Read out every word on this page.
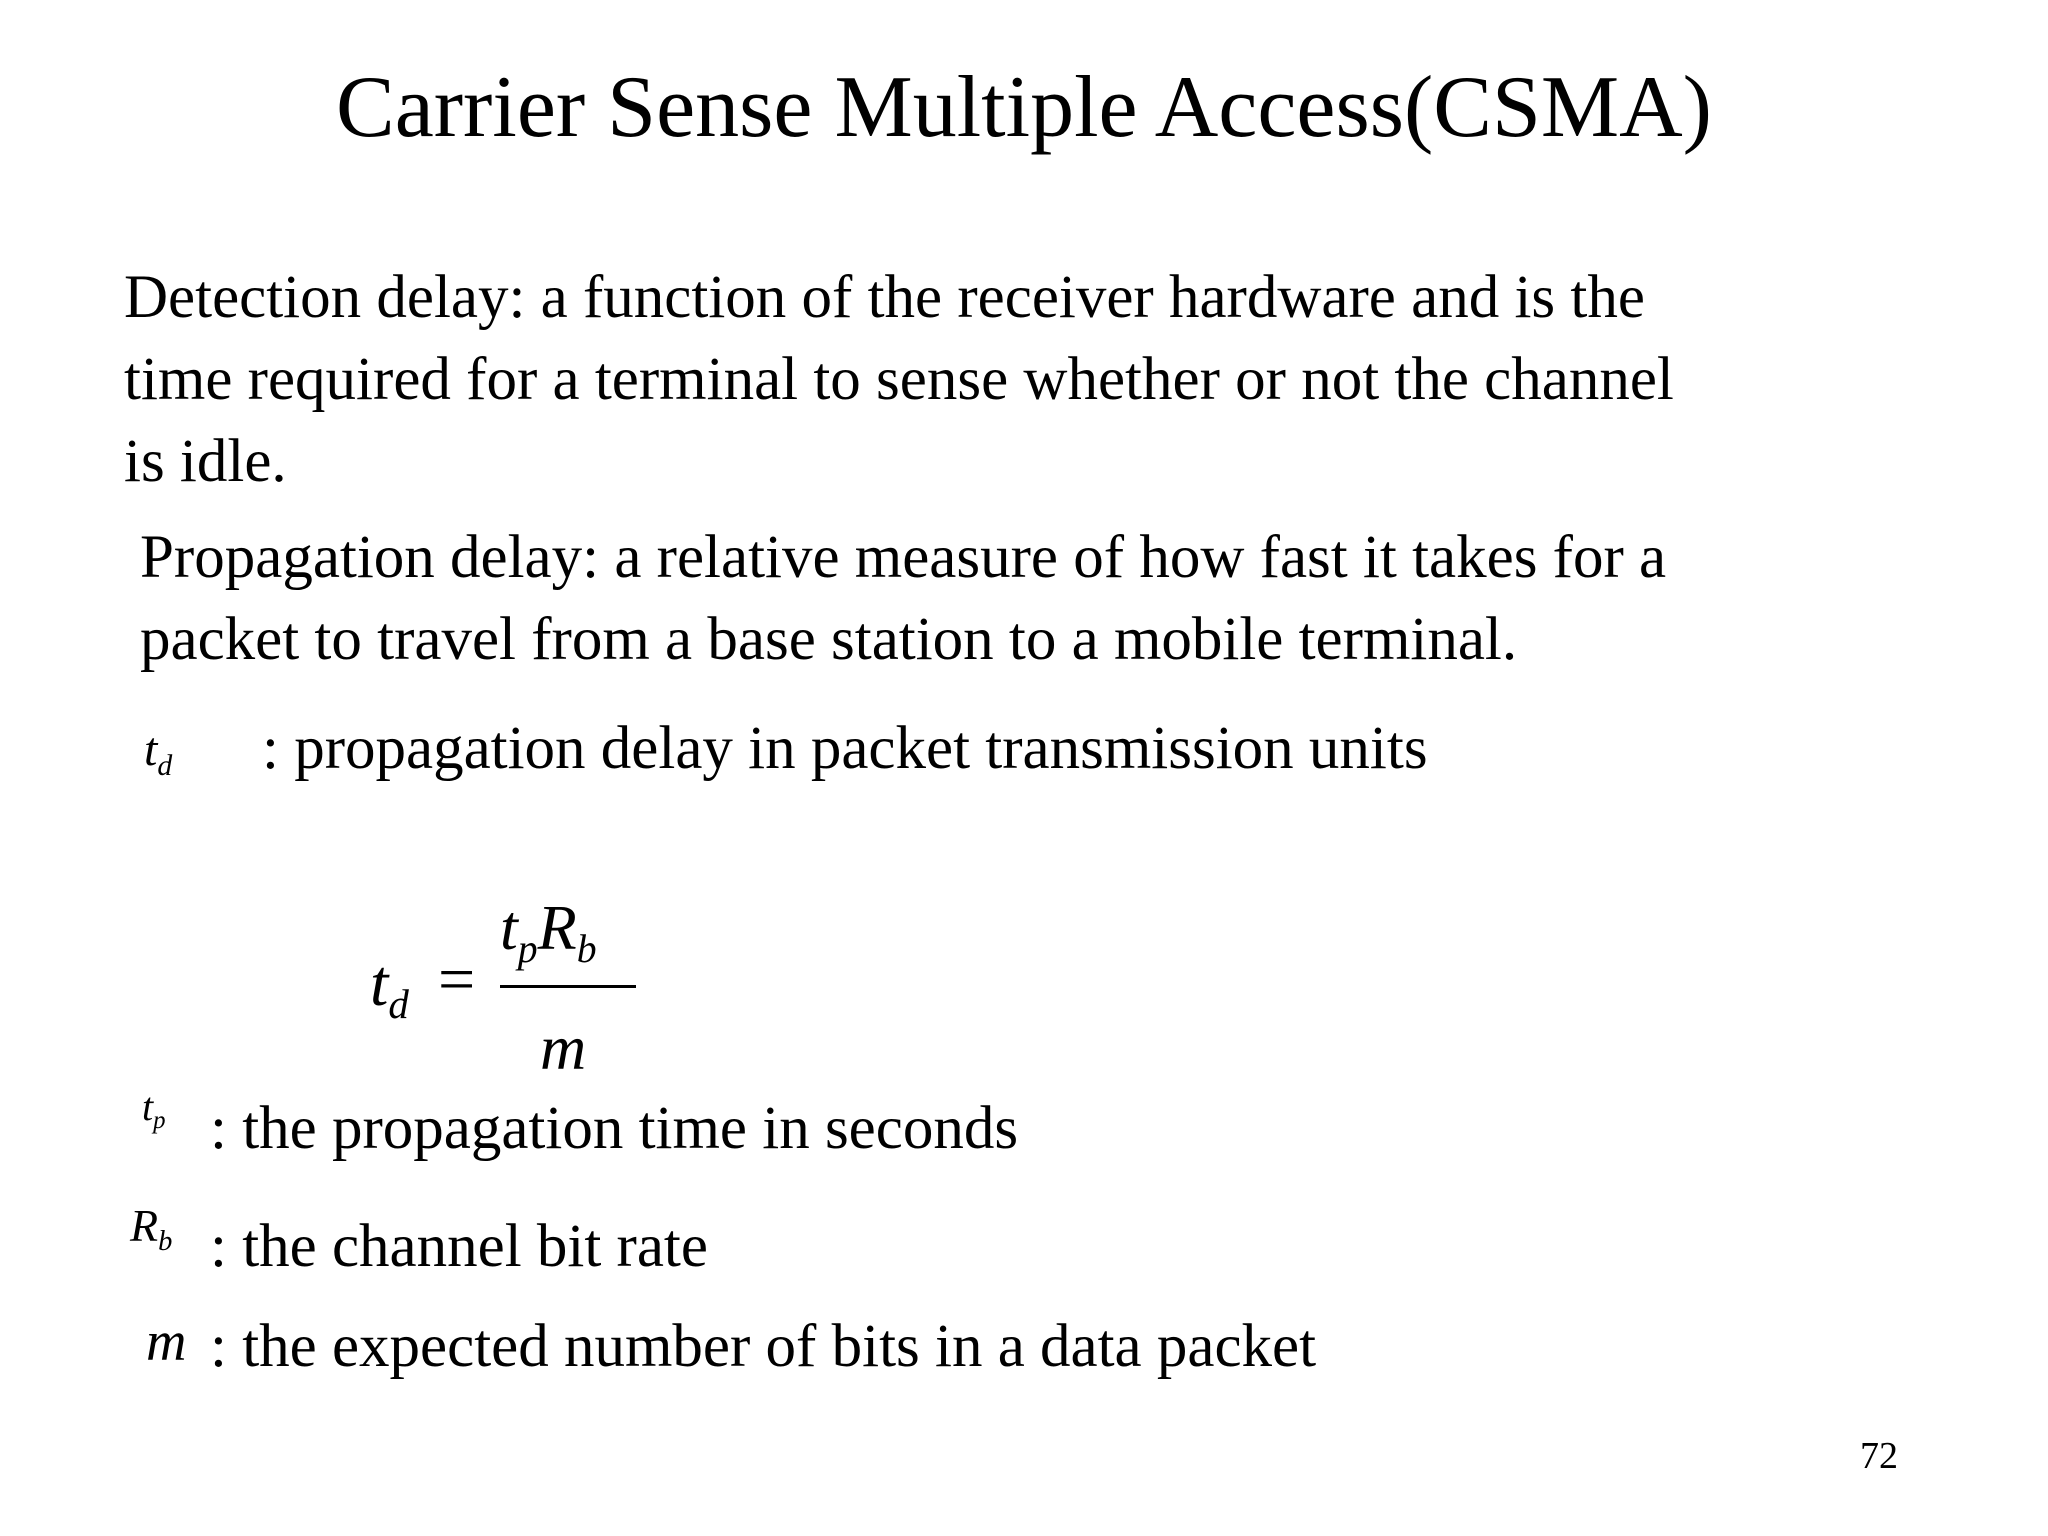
Carrier Sense Multiple Access(CSMA)
Detection delay: a function of the receiver hardware and is the
time required for a terminal to sense whether or not the channel
is idle.
Propagation delay: a relative measure of how fast it takes for a
packet to travel from a base station to a mobile terminal.
td : propagation delay in packet transmission units
td =
tpRb
m
tp : the propagation time in seconds
Rb : the channel bit rate
m : the expected number of bits in a data packet
72
